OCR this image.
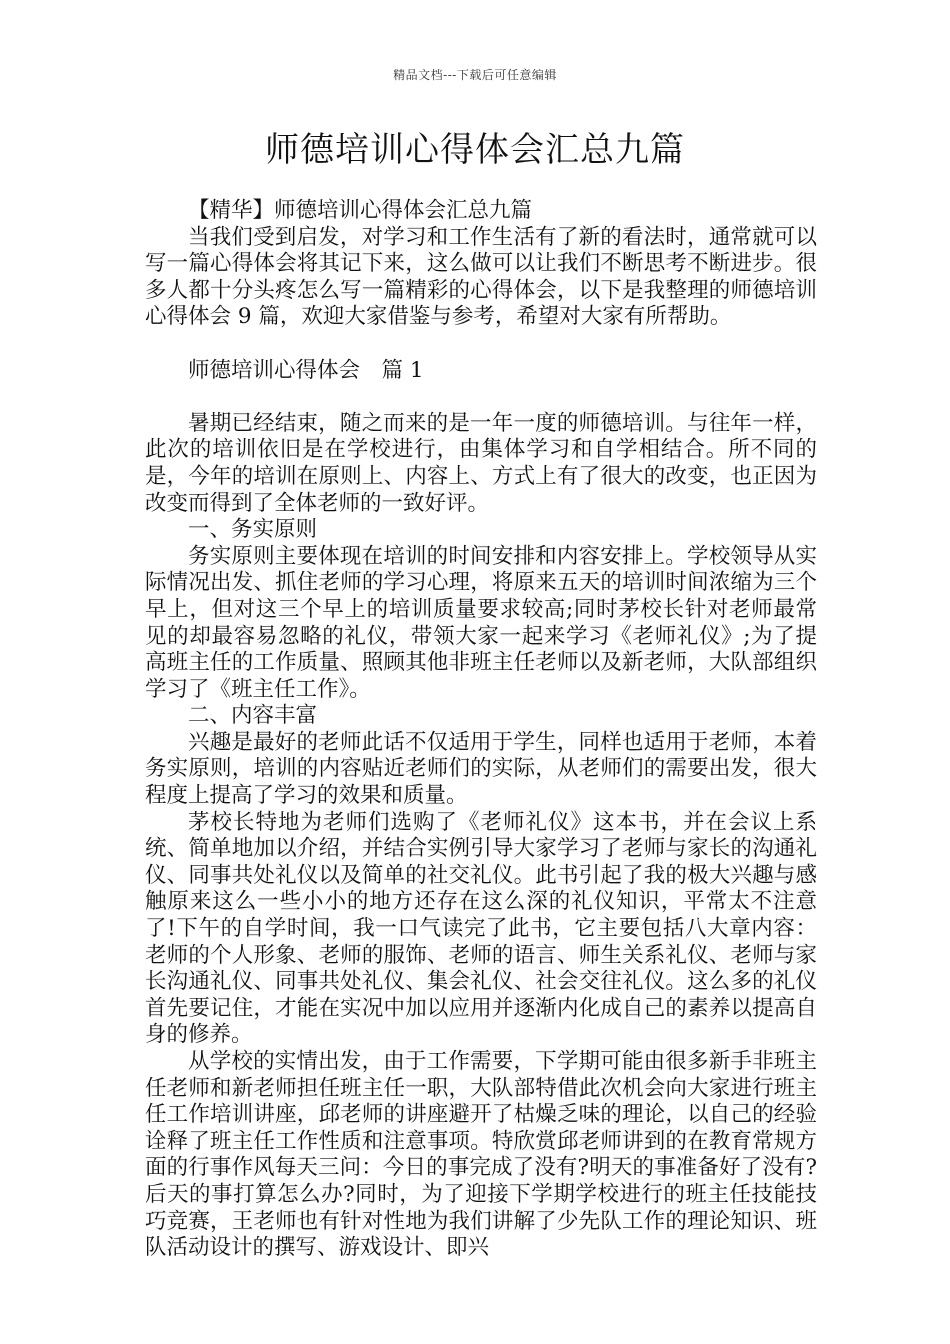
精品文档---下载后可任意编辑
师德培训心得体会汇总九篇

【精华】师德培训心得体会汇总九篇

当我们受到启发，对学习和工作生活有了新的看法时，通常就可以写一篇心得体会将其记下来，这么做可以让我们不断思考不断进步。很多人都十分头疼怎么写一篇精彩的心得体会，以下是我整理的师德培训心得体会 9 篇，欢迎大家借鉴与参考，希望对大家有所帮助。

师德培训心得体会　篇 1

暑期已经结束，随之而来的是一年一度的师德培训。与往年一样，此次的培训依旧是在学校进行，由集体学习和自学相结合。所不同的是，今年的培训在原则上、内容上、方式上有了很大的改变，也正因为改变而得到了全体老师的一致好评。

一、务实原则

务实原则主要体现在培训的时间安排和内容安排上。学校领导从实际情况出发、抓住老师的学习心理，将原来五天的培训时间浓缩为三个早上，但对这三个早上的培训质量要求较高;同时茅校长针对老师最常见的却最容易忽略的礼仪，带领大家一起来学习《老师礼仪》;为了提高班主任的工作质量、照顾其他非班主任老师以及新老师，大队部组织学习了《班主任工作》。

二、内容丰富

兴趣是最好的老师此话不仅适用于学生，同样也适用于老师，本着务实原则，培训的内容贴近老师们的实际，从老师们的需要出发，很大程度上提高了学习的效果和质量。

茅校长特地为老师们选购了《老师礼仪》这本书，并在会议上系统、简单地加以介绍，并结合实例引导大家学习了老师与家长的沟通礼仪、同事共处礼仪以及简单的社交礼仪。此书引起了我的极大兴趣与感触原来这么一些小小的地方还存在这么深的礼仪知识，平常太不注意了!下午的自学时间，我一口气读完了此书，它主要包括八大章内容：老师的个人形象、老师的服饰、老师的语言、师生关系礼仪、老师与家长沟通礼仪、同事共处礼仪、集会礼仪、社会交往礼仪。这么多的礼仪首先要记住，才能在实况中加以应用并逐渐内化成自己的素养以提高自身的修养。

从学校的实情出发，由于工作需要，下学期可能由很多新手非班主任老师和新老师担任班主任一职，大队部特借此次机会向大家进行班主任工作培训讲座，邱老师的讲座避开了枯燥乏味的理论，以自己的经验诠释了班主任工作性质和注意事项。特欣赏邱老师讲到的在教育常规方面的行事作风每天三问：今日的事完成了没有?明天的事准备好了没有?后天的事打算怎么办?同时，为了迎接下学期学校进行的班主任技能技巧竞赛，王老师也有针对性地为我们讲解了少先队工作的理论知识、班队活动设计的撰写、游戏设计、即兴
